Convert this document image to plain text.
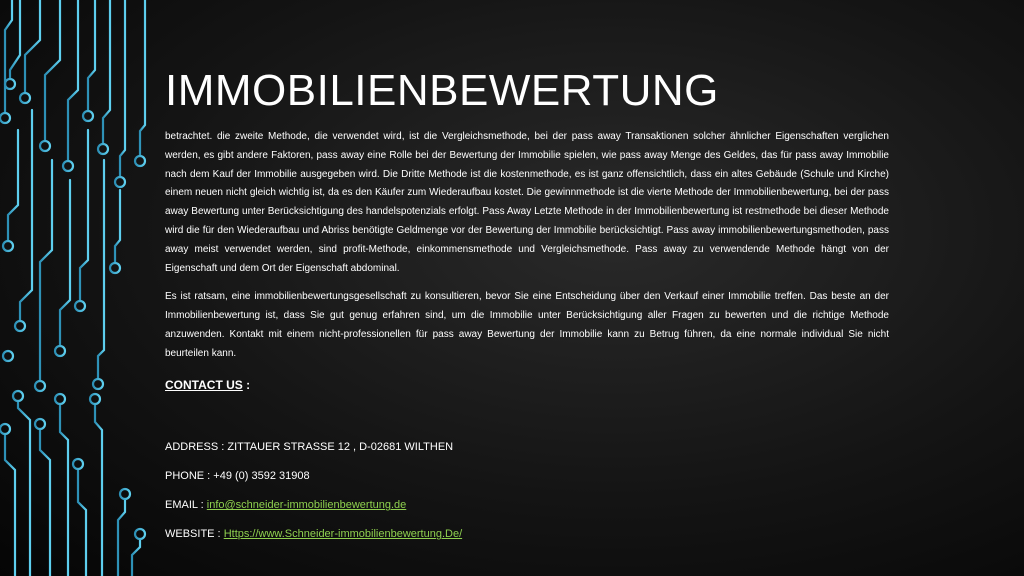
IMMOBILIENBEWERTUNG

betrachtet. die zweite Methode, die verwendet wird, ist die Vergleichsmethode, bei der pass away Transaktionen solcher ähnlicher Eigenschaften verglichen werden, es gibt andere Faktoren, pass away eine Rolle bei der Bewertung der Immobilie spielen, wie pass away Menge des Geldes, das für pass away Immobilie nach dem Kauf der Immobilie ausgegeben wird. Die Dritte Methode ist die kostenmethode, es ist ganz offensichtlich, dass ein altes Gebäude (Schule und Kirche) einem neuen nicht gleich wichtig ist, da es den Käufer zum Wiederaufbau kostet. Die gewinnmethode ist die vierte Methode der Immobilienbewertung, bei der pass away Bewertung unter Berücksichtigung des handelspotenzials erfolgt. Pass Away Letzte Methode in der Immobilienbewertung ist restmethode bei dieser Methode wird die für den Wiederaufbau und Abriss benötigte Geldmenge vor der Bewertung der Immobilie berücksichtigt. Pass away immobilienbewertungsmethoden, pass away meist verwendet werden, sind profit-Methode, einkommensmethode und Vergleichsmethode. Pass away zu verwendende Methode hängt von der Eigenschaft und dem Ort der Eigenschaft abdominal.

Es ist ratsam, eine immobilienbewertungsgesellschaft zu konsultieren, bevor Sie eine Entscheidung über den Verkauf einer Immobilie treffen. Das beste an der Immobilienbewertung ist, dass Sie gut genug erfahren sind, um die Immobilie unter Berücksichtigung aller Fragen zu bewerten und die richtige Methode anzuwenden. Kontakt mit einem nicht-professionellen für pass away Bewertung der Immobilie kann zu Betrug führen, da eine normale individual Sie nicht beurteilen kann.

CONTACT US :

ADDRESS : ZITTAUER STRASSE 12 , D-02681 WILTHEN

PHONE : +49 (0) 3592 31908

EMAIL : info@schneider-immobilienbewertung.de

WEBSITE : Https://www.Schneider-immobilienbewertung.De/
